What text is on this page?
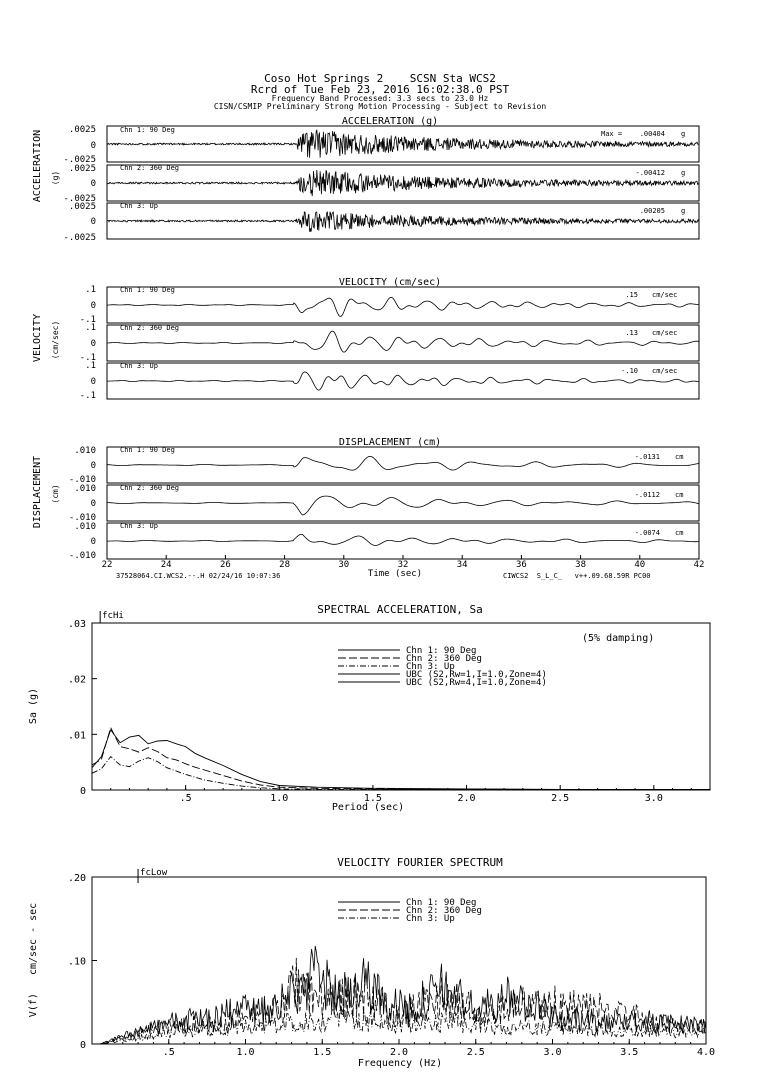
Coso Hot Springs 2    SCSN Sta WCS2
Rcrd of Tue Feb 23, 2016 16:02:38.0 PST
Frequency Band Processed: 3.3 secs to 23.0 Hz
CISN/CSMIP Preliminary Strong Motion Processing - Subject to Revision
ACCELERATION (g)
ACCELERATION (g)
Chn 1: 90 Deg	Max =	.00404 g
.0025
0
-.0025
Chn 2: 360 Deg
-.00412 g
.0025
0
-.0025
Chn 3: Up
.00205 g
.0025
0
-.0025
VELOCITY (cm/sec)
VELOCITY (cm/sec)
Chn 1: 90 Deg
.15 cm/sec
.1
0
-.1
Chn 2: 360 Deg
.13 cm/sec
.1
0
-.1
Chn 3: Up
-.10 cm/sec
.1
0
-.1
DISPLACEMENT (cm)
DISPLACEMENT (cm)
Chn 1: 90 Deg
-.0131 cm
.010
0
-.010
Chn 2: 360 Deg
-.0112 cm
.010
0
-.010
Chn 3: Up
-.0074 cm
.010
0
-.010
22	24	26	28	30	32	34	36	38	40	42
Time (sec)
37528064.CI.WCS2.--.H 02/24/16 10:07:36	CIWCS2  S_L_C_   v++.09.68.59R PC00
SPECTRAL ACCELERATION, Sa
Sa (g)
Period (sec)
(5% damping)
.5	1.0	1.5	2.0	2.5	3.0
.03
.02
.01
0
fcHi
Chn 1: 90 Deg
Chn 2: 360 Deg
Chn 3: Up
UBC (S2,Rw=1,I=1.0,Zone=4)
UBC (S2,Rw=4,I=1.0,Zone=4)
VELOCITY FOURIER SPECTRUM
V(f)   cm/sec - sec
Frequency (Hz)
.5	1.0	1.5	2.0	2.5	3.0	3.5	4.0
.20
.10
0
fcLow
Chn 1: 90 Deg
Chn 2: 360 Deg
Chn 3: Up
